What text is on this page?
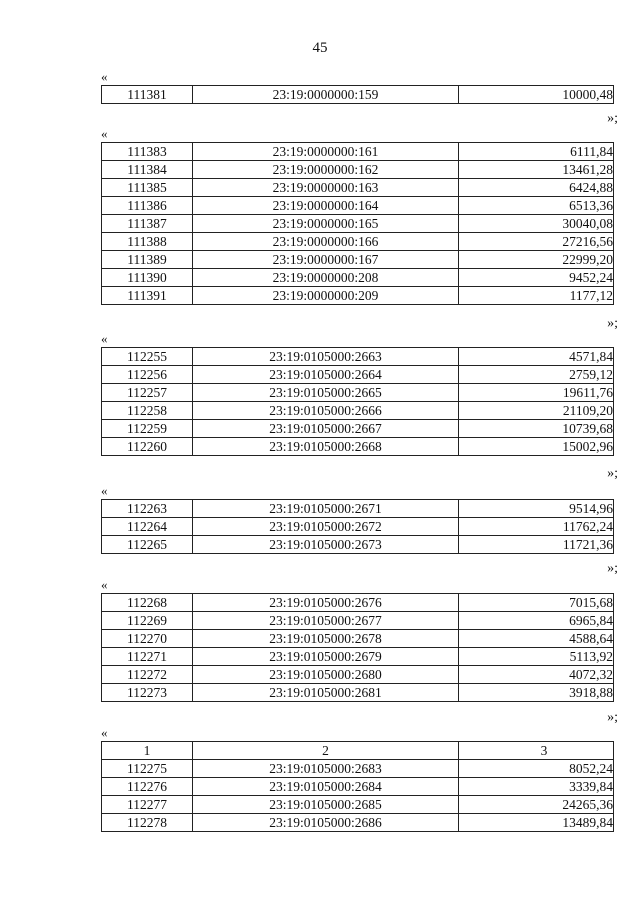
45
«
111381	23:19:0000000:159	10000,48
»;
«
111383	23:19:0000000:161	6111,84
111384	23:19:0000000:162	13461,28
111385	23:19:0000000:163	6424,88
111386	23:19:0000000:164	6513,36
111387	23:19:0000000:165	30040,08
111388	23:19:0000000:166	27216,56
111389	23:19:0000000:167	22999,20
111390	23:19:0000000:208	9452,24
111391	23:19:0000000:209	1177,12
»;
«
112255	23:19:0105000:2663	4571,84
112256	23:19:0105000:2664	2759,12
112257	23:19:0105000:2665	19611,76
112258	23:19:0105000:2666	21109,20
112259	23:19:0105000:2667	10739,68
112260	23:19:0105000:2668	15002,96
»;
«
112263	23:19:0105000:2671	9514,96
112264	23:19:0105000:2672	11762,24
112265	23:19:0105000:2673	11721,36
»;
«
112268	23:19:0105000:2676	7015,68
112269	23:19:0105000:2677	6965,84
112270	23:19:0105000:2678	4588,64
112271	23:19:0105000:2679	5113,92
112272	23:19:0105000:2680	4072,32
112273	23:19:0105000:2681	3918,88
»;
«
1	2	3
112275	23:19:0105000:2683	8052,24
112276	23:19:0105000:2684	3339,84
112277	23:19:0105000:2685	24265,36
112278	23:19:0105000:2686	13489,84
